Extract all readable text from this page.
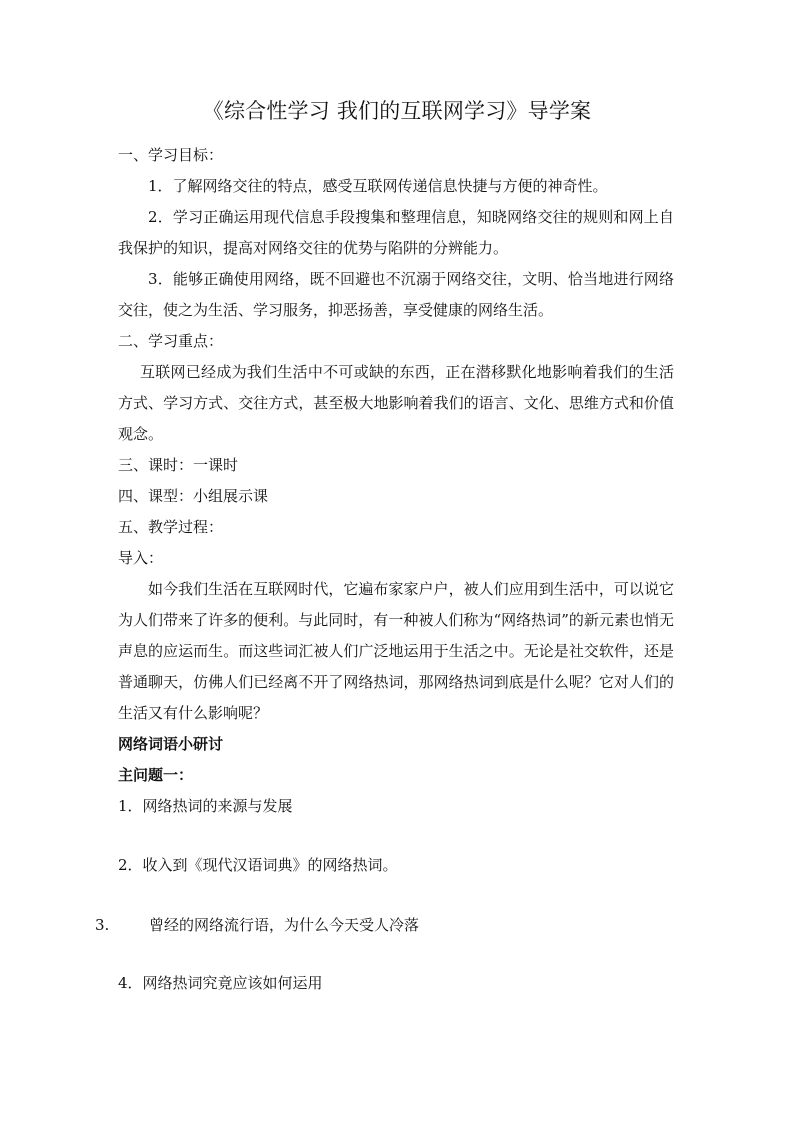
《综合性学习 我们的互联网学习》导学案
一、学习目标：
1．了解网络交往的特点，感受互联网传递信息快捷与方便的神奇性。
2．学习正确运用现代信息手段搜集和整理信息，知晓网络交往的规则和网上自我保护的知识，提高对网络交往的优势与陷阱的分辨能力。
3．能够正确使用网络，既不回避也不沉溺于网络交往，文明、恰当地进行网络交往，使之为生活、学习服务，抑恶扬善，享受健康的网络生活。
二、学习重点：
互联网已经成为我们生活中不可或缺的东西，正在潜移默化地影响着我们的生活方式、学习方式、交往方式，甚至极大地影响着我们的语言、文化、思维方式和价值观念。
三、课时：一课时
四、课型：小组展示课
五、教学过程：
导入：
如今我们生活在互联网时代，它遍布家家户户，被人们应用到生活中，可以说它为人们带来了许多的便利。与此同时，有一种被人们称为“网络热词”的新元素也悄无声息的应运而生。而这些词汇被人们广泛地运用于生活之中。无论是社交软件，还是普通聊天，仿佛人们已经离不开了网络热词，那网络热词到底是什么呢？它对人们的生活又有什么影响呢？
网络词语小研讨
主问题一：
1．网络热词的来源与发展
2．收入到《现代汉语词典》的网络热词。
3.	曾经的网络流行语，为什么今天受人冷落
4．网络热词究竟应该如何运用
